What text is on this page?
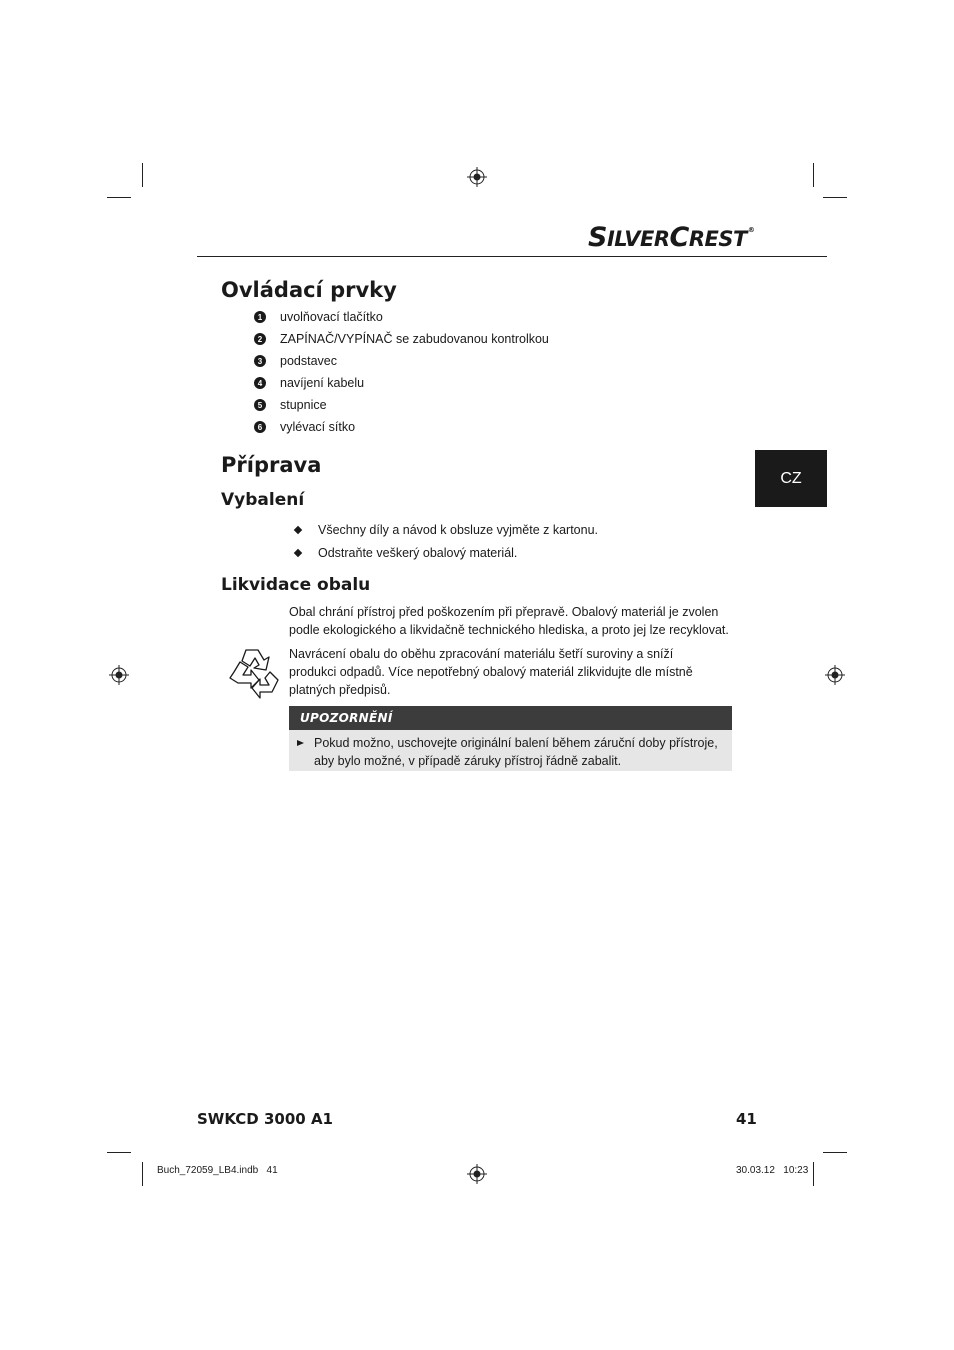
SILVERCREST®
Ovládací prvky
1	uvolňovací tlačítko
2	ZAPÍNAČ/VYPÍNAČ se zabudovanou kontrolkou
3	podstavec
4	navíjení kabelu
5	stupnice
6	vylévací sítko
CZ
Příprava
Vybalení
Všechny díly a návod k obsluze vyjměte z kartonu.
Odstraňte veškerý obalový materiál.
Likvidace obalu
Obal chrání přístroj před poškozením při přepravě. Obalový materiál je zvolen podle ekologického a likvidačně technického hlediska, a proto jej lze recyklovat.
Navrácení obalu do oběhu zpracování materiálu šetří suroviny a sníží produkci odpadů. Více nepotřebný obalový materiál zlikvidujte dle místně platných předpisů.
UPOZORNĚNÍ
Pokud možno, uschovejte originální balení během záruční doby přístroje, aby bylo možné, v případě záruky přístroj řádně zabalit.
SWKCD 3000 A1	41
Buch_72059_LB4.indb   41	30.03.12   10:23
